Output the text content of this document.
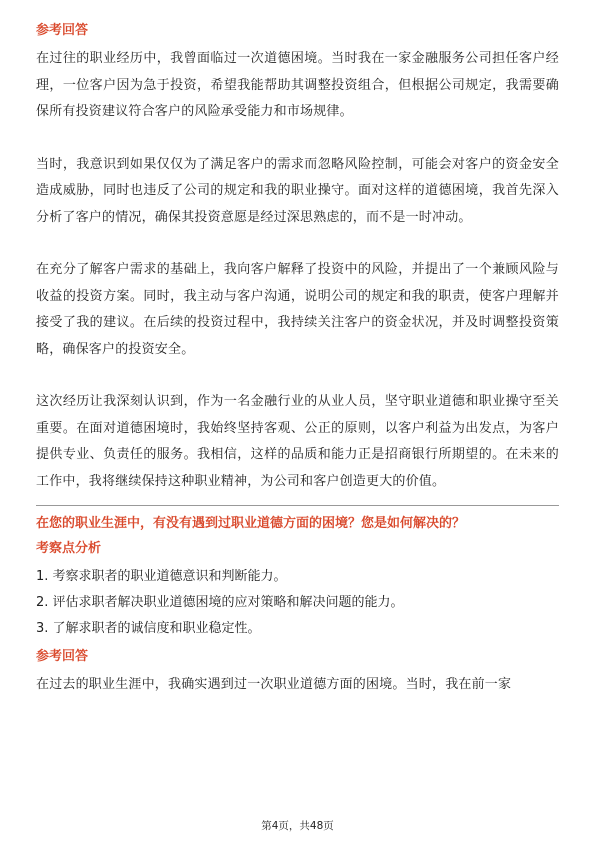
参考回答

在过往的职业经历中，我曾面临过一次道德困境。当时我在一家金融服务公司担任客户经理，一位客户因为急于投资，希望我能帮助其调整投资组合，但根据公司规定，我需要确保所有投资建议符合客户的风险承受能力和市场规律。

当时，我意识到如果仅仅为了满足客户的需求而忽略风险控制，可能会对客户的资金安全造成威胁，同时也违反了公司的规定和我的职业操守。面对这样的道德困境，我首先深入分析了客户的情况，确保其投资意愿是经过深思熟虑的，而不是一时冲动。

在充分了解客户需求的基础上，我向客户解释了投资中的风险，并提出了一个兼顾风险与收益的投资方案。同时，我主动与客户沟通，说明公司的规定和我的职责，使客户理解并接受了我的建议。在后续的投资过程中，我持续关注客户的资金状况，并及时调整投资策略，确保客户的投资安全。

这次经历让我深刻认识到，作为一名金融行业的从业人员，坚守职业道德和职业操守至关重要。在面对道德困境时，我始终坚持客观、公正的原则，以客户利益为出发点，为客户提供专业、负责任的服务。我相信，这样的品质和能力正是招商银行所期望的。在未来的工作中，我将继续保持这种职业精神，为公司和客户创造更大的价值。

在您的职业生涯中，有没有遇到过职业道德方面的困境？您是如何解决的？
考察点分析

1. 考察求职者的职业道德意识和判断能力。

2. 评估求职者解决职业道德困境的应对策略和解决问题的能力。

3. 了解求职者的诚信度和职业稳定性。

参考回答

在过去的职业生涯中，我确实遇到过一次职业道德方面的困境。当时，我在前一家

第4页，共48页
